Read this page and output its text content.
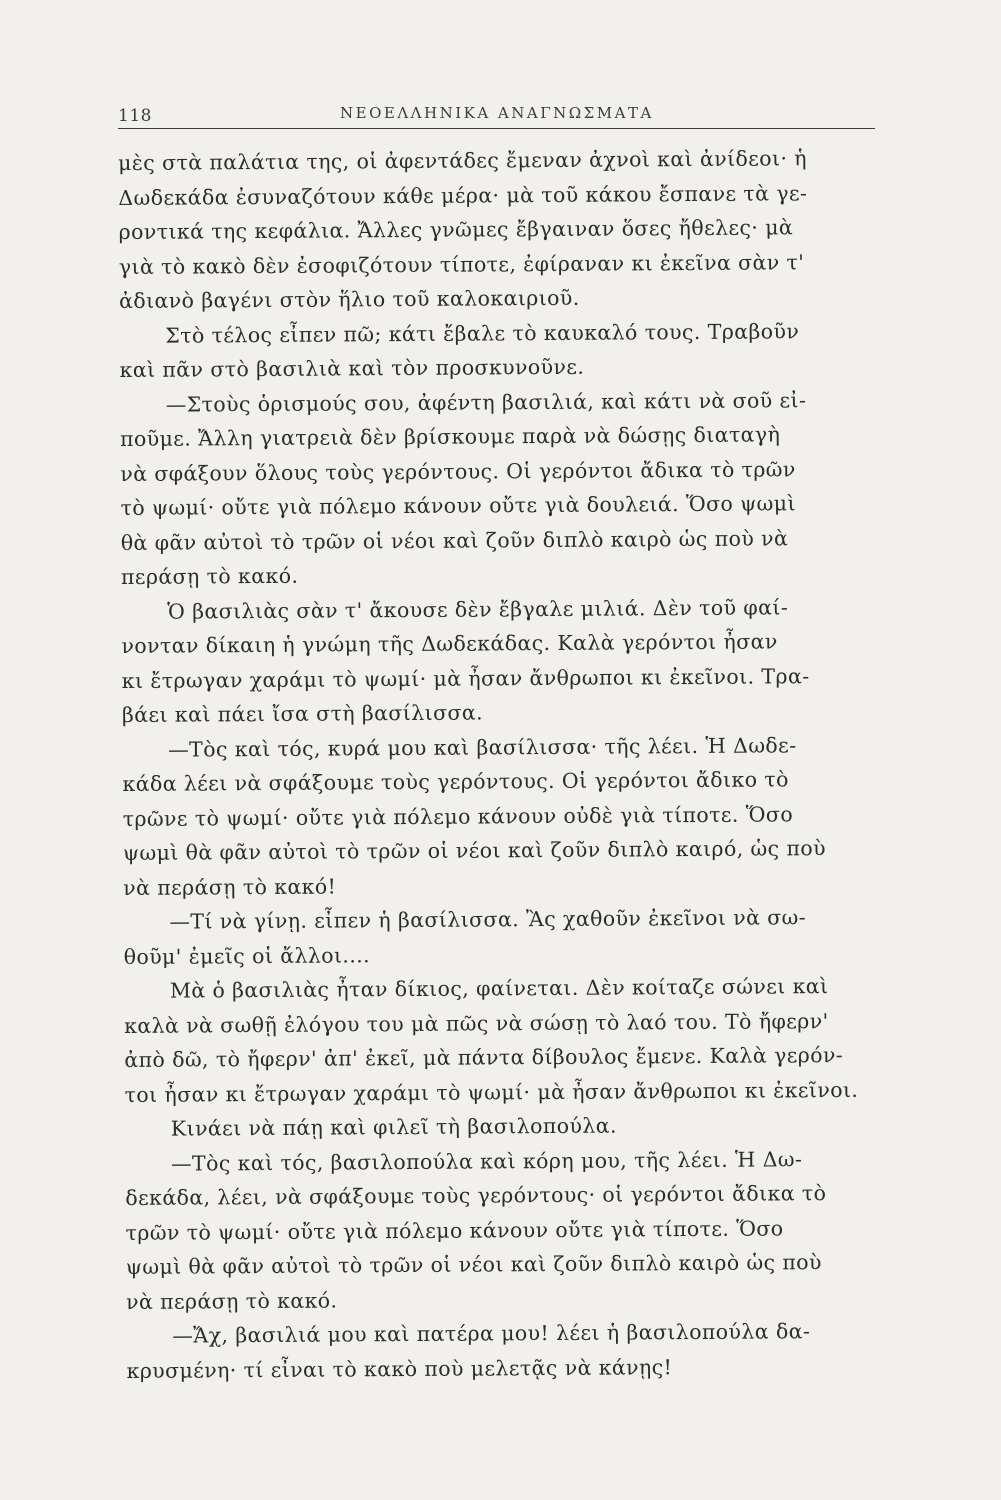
118	ΝΕΟΕΛΛΗΝΙΚΑ ΑΝΑΓΝΩΣΜΑΤΑ

μὲς στὰ παλάτια της, οἱ ἀφεντάδες ἔμεναν ἀχνοὶ καὶ ἀνίδεοι· ἡ

Δωδεκάδα ἐσυναζότουν κάθε μέρα· μὰ τοῦ κάκου ἔσπανε τὰ γε-

ροντικά της κεφάλια. Ἄλλες γνῶμες ἔβγαιναν ὅσες ἤθελες· μὰ

γιὰ τὸ κακὸ δὲν ἐσοφιζότουν τίποτε, ἐφίραναν κι ἐκεῖνα σὰν τ'

ἀδιανὸ βαγένι στὸν ἥλιο τοῦ καλοκαιριοῦ.

Στὸ τέλος εἶπεν πῶ; κάτι ἔβαλε τὸ καυκαλό τους. Τραβοῦν

καὶ πᾶν στὸ βασιλιὰ καὶ τὸν προσκυνοῦνε.

—Στοὺς ὁρισμούς σου, ἀφέντη βασιλιά, καὶ κάτι νὰ σοῦ εἰ-

ποῦμε. Ἄλλη γιατρειὰ δὲν βρίσκουμε παρὰ νὰ δώσῃς διαταγὴ

νὰ σφάξουν ὅλους τοὺς γερόντους. Οἱ γερόντοι ἄδικα τὸ τρῶν

τὸ ψωμί· οὔτε γιὰ πόλεμο κάνουν οὔτε γιὰ δουλειά. Ὅσο ψωμὶ

θὰ φᾶν αὐτοὶ τὸ τρῶν οἱ νέοι καὶ ζοῦν διπλὸ καιρὸ ὡς ποὺ νὰ

περάσῃ τὸ κακό.

Ὁ βασιλιὰς σὰν τ' ἄκουσε δὲν ἔβγαλε μιλιά. Δὲν τοῦ φαί-

νονταν δίκαιη ἡ γνώμη τῆς Δωδεκάδας. Καλὰ γερόντοι ἦσαν

κι ἔτρωγαν χαράμι τὸ ψωμί· μὰ ἦσαν ἄνθρωποι κι ἐκεῖνοι. Τρα-

βάει καὶ πάει ἴσα στὴ βασίλισσα.

—Τὸς καὶ τός, κυρά μου καὶ βασίλισσα· τῆς λέει. Ἡ Δωδε-

κάδα λέει νὰ σφάξουμε τοὺς γερόντους. Οἱ γερόντοι ἄδικο τὸ

τρῶνε τὸ ψωμί· οὔτε γιὰ πόλεμο κάνουν οὐδὲ γιὰ τίποτε. Ὅσο

ψωμὶ θὰ φᾶν αὐτοὶ τὸ τρῶν οἱ νέοι καὶ ζοῦν διπλὸ καιρό, ὡς ποὺ

νὰ περάσῃ τὸ κακό!

—Τί νὰ γίνῃ. εἶπεν ἡ βασίλισσα. Ἂς χαθοῦν ἐκεῖνοι νὰ σω-

θοῦμ' ἐμεῖς οἱ ἄλλοι....

Μὰ ὁ βασιλιὰς ἦταν δίκιος, φαίνεται. Δὲν κοίταζε σώνει καὶ

καλὰ νὰ σωθῇ ἐλόγου του μὰ πῶς νὰ σώσῃ τὸ λαό του. Τὸ ἤφερν'

ἀπὸ δῶ, τὸ ἤφερν' ἀπ' ἐκεῖ, μὰ πάντα δίβουλος ἔμενε. Καλὰ γερόν-

τοι ἦσαν κι ἔτρωγαν χαράμι τὸ ψωμί· μὰ ἦσαν ἄνθρωποι κι ἐκεῖνοι.

Κινάει νὰ πάῃ καὶ φιλεῖ τὴ βασιλοπούλα.

—Τὸς καὶ τός, βασιλοπούλα καὶ κόρη μου, τῆς λέει. Ἡ Δω-

δεκάδα, λέει, νὰ σφάξουμε τοὺς γερόντους· οἱ γερόντοι ἄδικα τὸ

τρῶν τὸ ψωμί· οὔτε γιὰ πόλεμο κάνουν οὔτε γιὰ τίποτε. Ὅσο

ψωμὶ θὰ φᾶν αὐτοὶ τὸ τρῶν οἱ νέοι καὶ ζοῦν διπλὸ καιρὸ ὡς ποὺ

νὰ περάσῃ τὸ κακό.

—Ἄχ, βασιλιά μου καὶ πατέρα μου! λέει ἡ βασιλοπούλα δα-

κρυσμένη· τί εἶναι τὸ κακὸ ποὺ μελετᾷς νὰ κάνῃς!
